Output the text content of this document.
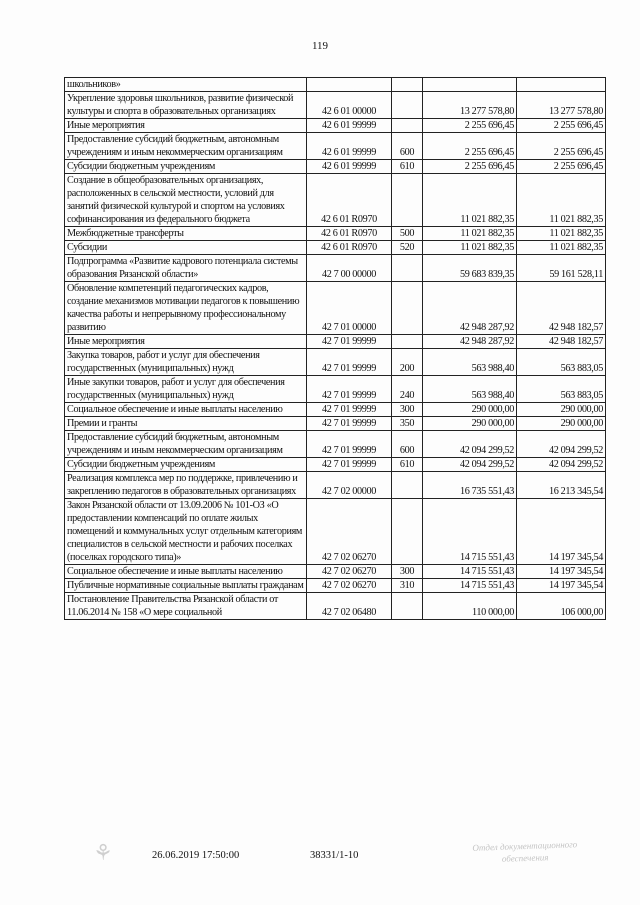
119
школьников»				
Укрепление здоровья школьников, развитие физической культуры и спорта в образовательных организациях	42 6 01 00000		13 277 578,80	13 277 578,80
Иные мероприятия	42 6 01 99999		2 255 696,45	2 255 696,45
Предоставление субсидий бюджетным, автономным учреждениям и иным некоммерческим организациям	42 6 01 99999	600	2 255 696,45	2 255 696,45
Субсидии бюджетным учреждениям	42 6 01 99999	610	2 255 696,45	2 255 696,45
Создание в общеобразовательных организациях, расположенных в сельской местности, условий для занятий физической культурой и спортом на условиях софинансирования из федерального бюджета	42 6 01 R0970		11 021 882,35	11 021 882,35
Межбюджетные трансферты	42 6 01 R0970	500	11 021 882,35	11 021 882,35
Субсидии	42 6 01 R0970	520	11 021 882,35	11 021 882,35
Подпрограмма «Развитие кадрового потенциала системы образования Рязанской области»	42 7 00 00000		59 683 839,35	59 161 528,11
Обновление компетенций педагогических кадров, создание механизмов мотивации педагогов к повышению качества работы и непрерывному профессиональному развитию	42 7 01 00000		42 948 287,92	42 948 182,57
Иные мероприятия	42 7 01 99999		42 948 287,92	42 948 182,57
Закупка товаров, работ и услуг для обеспечения государственных (муниципальных) нужд	42 7 01 99999	200	563 988,40	563 883,05
Иные закупки товаров, работ и услуг для обеспечения государственных (муниципальных) нужд	42 7 01 99999	240	563 988,40	563 883,05
Социальное обеспечение и иные выплаты населению	42 7 01 99999	300	290 000,00	290 000,00
Премии и гранты	42 7 01 99999	350	290 000,00	290 000,00
Предоставление субсидий бюджетным, автономным учреждениям и иным некоммерческим организациям	42 7 01 99999	600	42 094 299,52	42 094 299,52
Субсидии бюджетным учреждениям	42 7 01 99999	610	42 094 299,52	42 094 299,52
Реализация комплекса мер по поддержке, привлечению и закреплению педагогов в образовательных организациях	42 7 02 00000		16 735 551,43	16 213 345,54
Закон Рязанской области от 13.09.2006 № 101-ОЗ «О предоставлении компенсаций по оплате жилых помещений и коммунальных услуг отдельным категориям специалистов в сельской местности и рабочих поселках (поселках городского типа)»	42 7 02 06270		14 715 551,43	14 197 345,54
Социальное обеспечение и иные выплаты населению	42 7 02 06270	300	14 715 551,43	14 197 345,54
Публичные нормативные социальные выплаты гражданам	42 7 02 06270	310	14 715 551,43	14 197 345,54
Постановление Правительства Рязанской области от 11.06.2014 № 158 «О мере социальной	42 7 02 06480		110 000,00	106 000,00
⚘	26.06.2019 17:50:00	38331/1-10
Отдел документационного обеспечения
